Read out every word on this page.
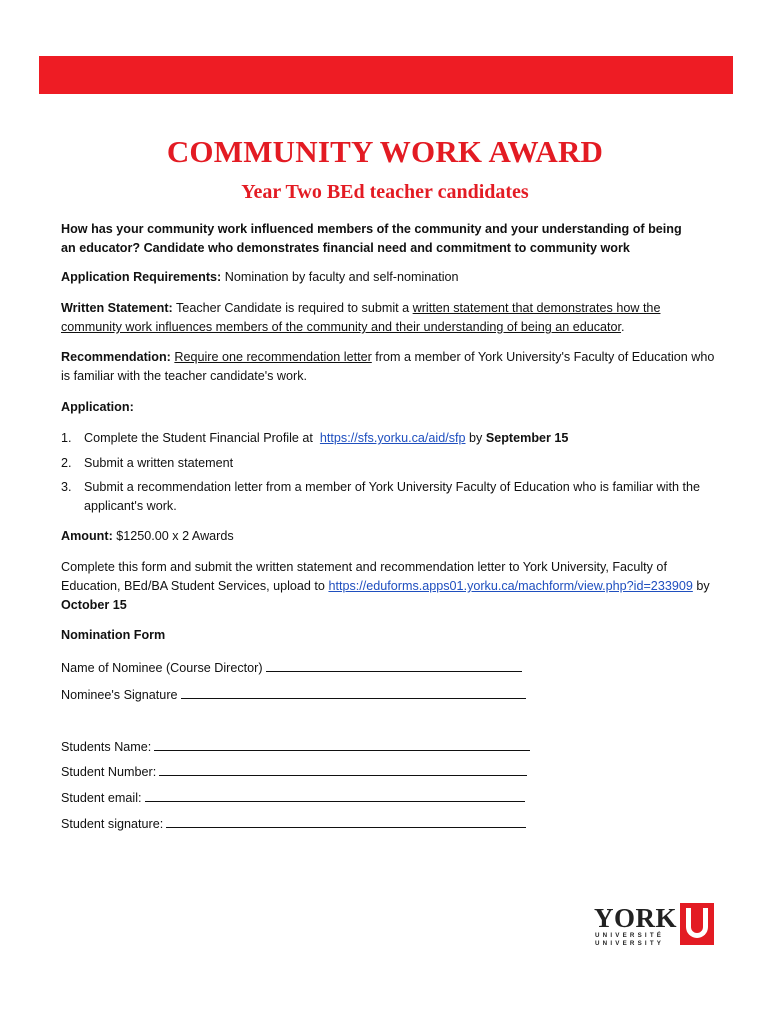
COMMUNITY WORK AWARD
Year Two BEd teacher candidates
How has your community work influenced members of the community and your understanding of being
an educator? Candidate who demonstrates financial need and commitment to community work
Application Requirements: Nomination by faculty and self-nomination
Written Statement: Teacher Candidate is required to submit a written statement that demonstrates how the community work influences members of the community and their understanding of being an educator.
Recommendation: Require one recommendation letter from a member of York University's Faculty of Education who is familiar with the teacher candidate's work.
Application:
1. Complete the Student Financial Profile at https://sfs.yorku.ca/aid/sfp by September 15
2. Submit a written statement
3. Submit a recommendation letter from a member of York University Faculty of Education who is familiar with the applicant's work.
Amount: $1250.00 x 2 Awards
Complete this form and submit the written statement and recommendation letter to York University, Faculty of Education, BEd/BA Student Services, upload to https://eduforms.apps01.yorku.ca/machform/view.php?id=233909 by October 15
Nomination Form
Name of Nominee (Course Director)
Nominee's Signature
Students Name:
Student Number:
Student email:
Student signature:
YORK
UNIVERSITÉ
UNIVERSITY
